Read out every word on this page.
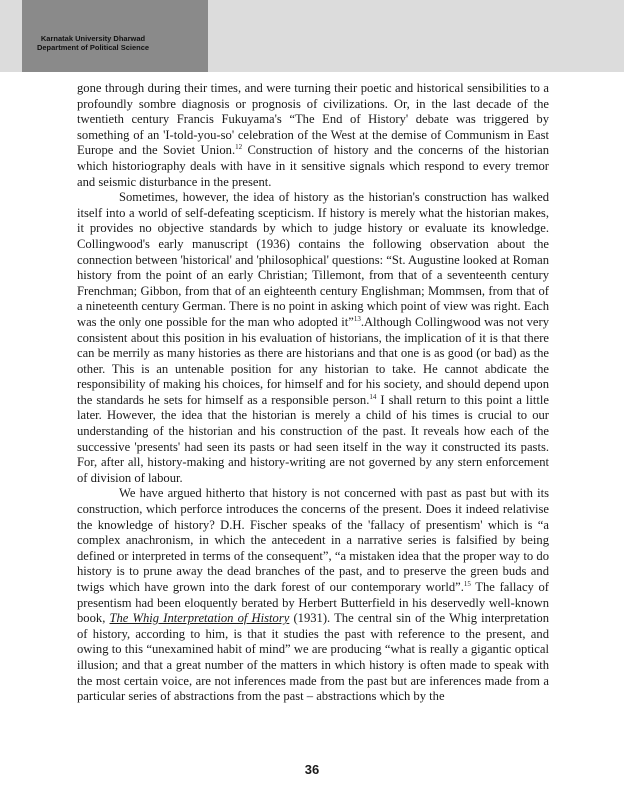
Karnatak University Dharwad
Department of Political Science

gone through during their times, and were turning their poetic and historical sensibilities to a profoundly sombre diagnosis or prognosis of civilizations. Or, in the last decade of the twentieth century Francis Fukuyama's “The End of History' debate was triggered by something of an 'I-told-you-so' celebration of the West at the demise of Communism in East Europe and the Soviet Union.$^{12}$ Construction of history and the concerns of the historian which historiography deals with have in it sensitive signals which respond to every tremor and seismic disturbance in the present.

Sometimes, however, the idea of history as the historian's construction has walked itself into a world of self-defeating scepticism. If history is merely what the historian makes, it provides no objective standards by which to judge history or evaluate its knowledge. Collingwood's early manuscript (1936) contains the following observation about the connection between 'historical' and 'philosophical' questions: “St. Augustine looked at Roman history from the point of an early Christian; Tillemont, from that of a seventeenth century Frenchman; Gibbon, from that of an eighteenth century Englishman; Mommsen, from that of a nineteenth century German. There is no point in asking which point of view was right. Each was the only one possible for the man who adopted it”$^{13}$.Although Collingwood was not very consistent about this position in his evaluation of historians, the implication of it is that there can be merrily as many histories as there are historians and that one is as good (or bad) as the other. This is an untenable position for any historian to take. He cannot abdicate the responsibility of making his choices, for himself and for his society, and should depend upon the standards he sets for himself as a responsible person.$^{14}$ I shall return to this point a little later. However, the idea that the historian is merely a child of his times is crucial to our understanding of the historian and his construction of the past. It reveals how each of the successive 'presents' had seen its pasts or had seen itself in the way it constructed its pasts. For, after all, history-making and history-writing are not governed by any stern enforcement of division of labour.

We have argued hitherto that history is not concerned with past as past but with its construction, which perforce introduces the concerns of the present. Does it indeed relativise the knowledge of history? D.H. Fischer speaks of the 'fallacy of presentism' which is “a complex anachronism, in which the antecedent in a narrative series is falsified by being defined or interpreted in terms of the consequent”, “a mistaken idea that the proper way to do history is to prune away the dead branches of the past, and to preserve the green buds and twigs which have grown into the dark forest of our contemporary world”.$^{15}$ The fallacy of presentism had been eloquently berated by Herbert Butterfield in his deservedly well-known book, The Whig Interpretation of History (1931). The central sin of the Whig interpretation of history, according to him, is that it studies the past with reference to the present, and owing to this “unexamined habit of mind” we are producing “what is really a gigantic optical illusion; and that a great number of the matters in which history is often made to speak with the most certain voice, are not inferences made from the past but are inferences made from a particular series of abstractions from the past – abstractions which by the

36
